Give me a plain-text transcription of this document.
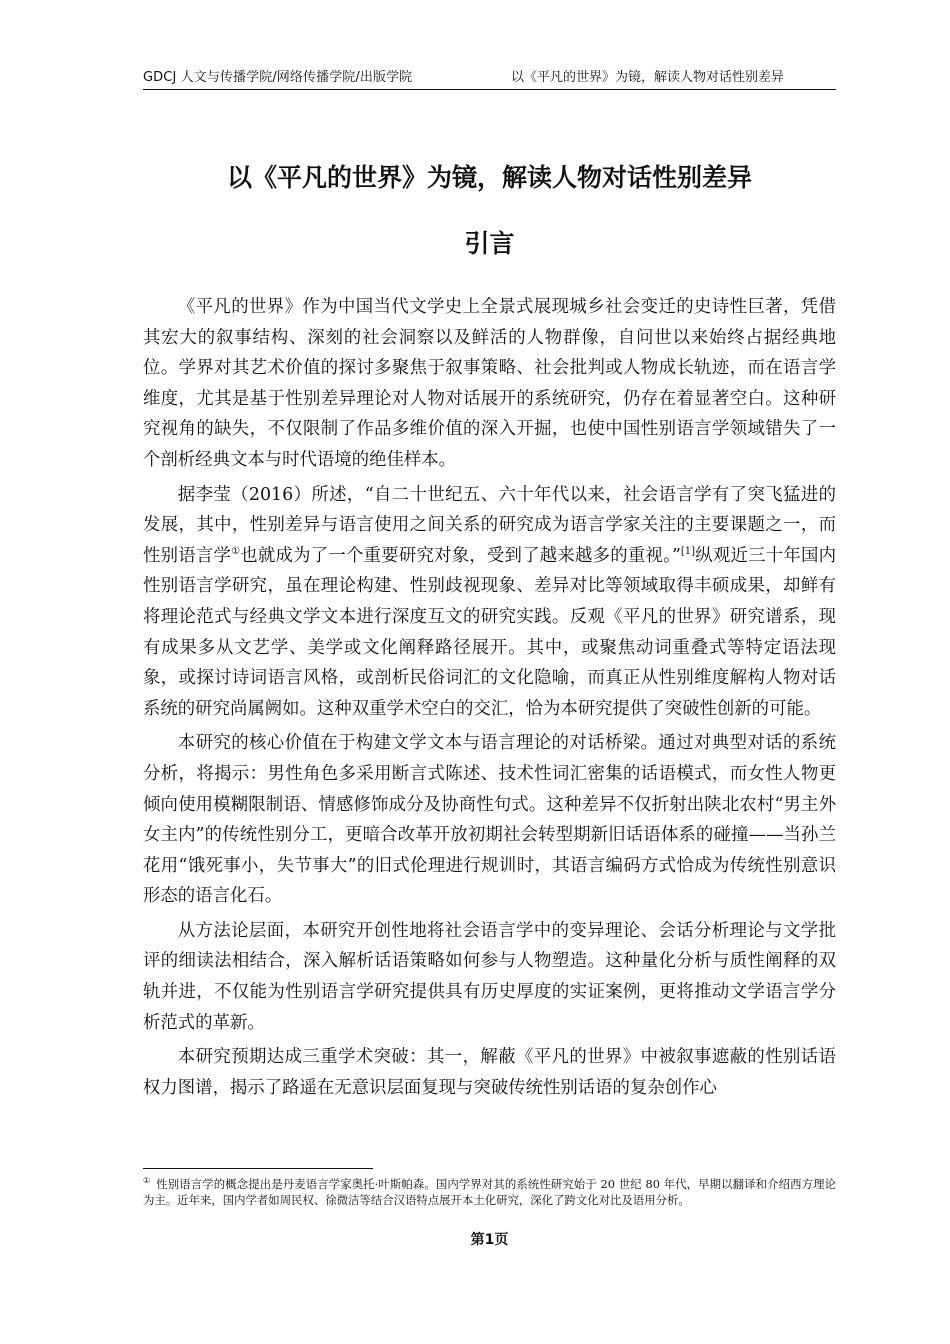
GDCJ 人文与传播学院/网络传播学院/出版学院	以《平凡的世界》为镜，解读人物对话性别差异
以《平凡的世界》为镜，解读人物对话性别差异
引言

《平凡的世界》作为中国当代文学史上全景式展现城乡社会变迁的史诗性巨著，凭借其宏大的叙事结构、深刻的社会洞察以及鲜活的人物群像，自问世以来始终占据经典地位。学界对其艺术价值的探讨多聚焦于叙事策略、社会批判或人物成长轨迹，而在语言学维度，尤其是基于性别差异理论对人物对话展开的系统研究，仍存在着显著空白。这种研究视角的缺失，不仅限制了作品多维价值的深入开掘，也使中国性别语言学领域错失了一个剖析经典文本与时代语境的绝佳样本。

据李莹（2016）所述，“自二十世纪五、六十年代以来，社会语言学有了突飞猛进的发展，其中，性别差异与语言使用之间关系的研究成为语言学家关注的主要课题之一，而性别语言学①也就成为了一个重要研究对象，受到了越来越多的重视。”[1]纵观近三十年国内性别语言学研究，虽在理论构建、性别歧视现象、差异对比等领域取得丰硕成果，却鲜有将理论范式与经典文学文本进行深度互文的研究实践。反观《平凡的世界》研究谱系，现有成果多从文艺学、美学或文化阐释路径展开。其中，或聚焦动词重叠式等特定语法现象，或探讨诗词语言风格，或剖析民俗词汇的文化隐喻，而真正从性别维度解构人物对话系统的研究尚属阙如。这种双重学术空白的交汇，恰为本研究提供了突破性创新的可能。

本研究的核心价值在于构建文学文本与语言理论的对话桥梁。通过对典型对话的系统分析，将揭示：男性角色多采用断言式陈述、技术性词汇密集的话语模式，而女性人物更倾向使用模糊限制语、情感修饰成分及协商性句式。这种差异不仅折射出陕北农村“男主外女主内”的传统性别分工，更暗合改革开放初期社会转型期新旧话语体系的碰撞——当孙兰花用“饿死事小，失节事大”的旧式伦理进行规训时，其语言编码方式恰成为传统性别意识形态的语言化石。

从方法论层面，本研究开创性地将社会语言学中的变异理论、会话分析理论与文学批评的细读法相结合，深入解析话语策略如何参与人物塑造。这种量化分析与质性阐释的双轨并进，不仅能为性别语言学研究提供具有历史厚度的实证案例，更将推动文学语言学分析范式的革新。

本研究预期达成三重学术突破：其一，解蔽《平凡的世界》中被叙事遮蔽的性别话语权力图谱，揭示了路遥在无意识层面复现与突破传统性别话语的复杂创作心

① 性别语言学的概念提出是丹麦语言学家奥托·叶斯帕森。国内学界对其的系统性研究始于 20 世纪 80 年代，早期以翻译和介绍西方理论为主。近年来，国内学者如周民权、徐微洁等结合汉语特点展开本土化研究，深化了跨文化对比及语用分析。
第1页
